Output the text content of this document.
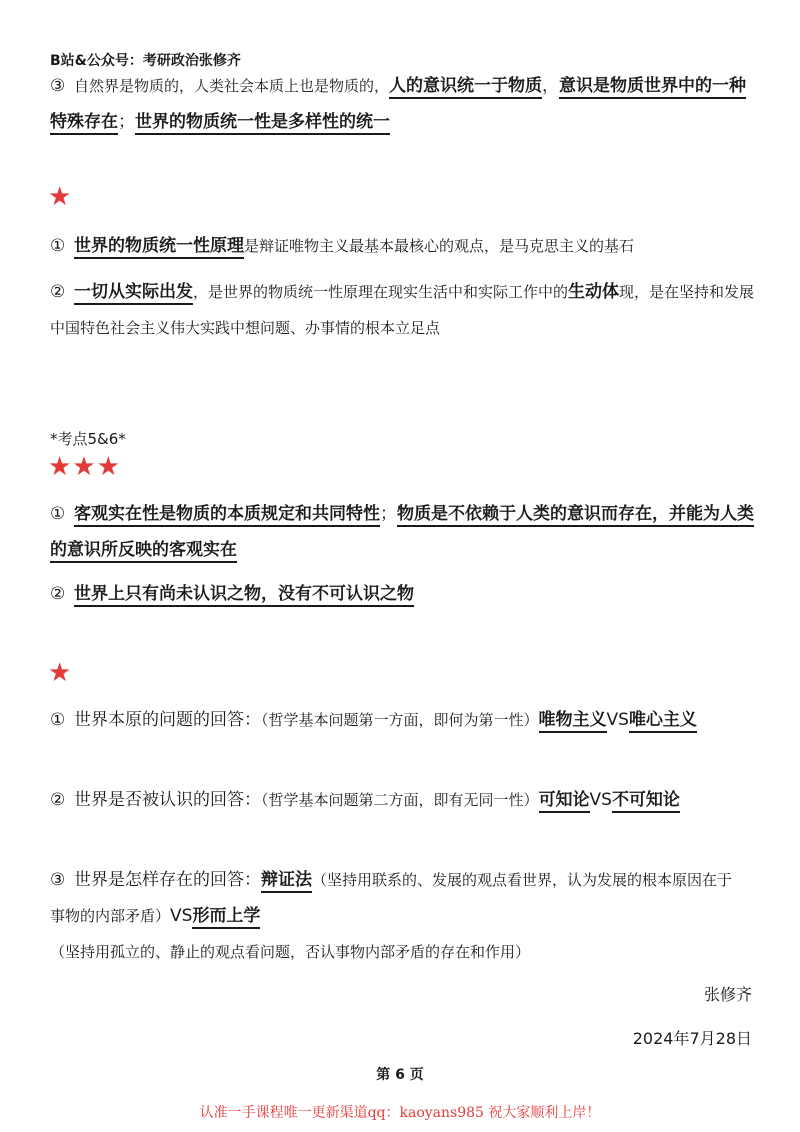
B站&公众号：考研政治张修齐
③ 自然界是物质的，人类社会本质上也是物质的，人的意识统一于物质，意识是物质世界中的一种特殊存在；世界的物质统一性是多样性的统一
★
① 世界的物质统一性原理是辩证唯物主义最基本最核心的观点，是马克思主义的基石
② 一切从实际出发，是世界的物质统一性原理在现实生活中和实际工作中的生动体现，是在坚持和发展中国特色社会主义伟大实践中想问题、办事情的根本立足点
*考点5&6*
★★★
① 客观实在性是物质的本质规定和共同特性；物质是不依赖于人类的意识而存在，并能为人类的意识所反映的客观实在
② 世界上只有尚未认识之物，没有不可认识之物
★
① 世界本原的问题的回答：（哲学基本问题第一方面，即何为第一性）唯物主义VS唯心主义
② 世界是否被认识的回答：（哲学基本问题第二方面，即有无同一性）可知论VS不可知论
③ 世界是怎样存在的回答：辩证法（坚持用联系的、发展的观点看世界，认为发展的根本原因在于事物的内部矛盾）VS形而上学（坚持用孤立的、静止的观点看问题，否认事物内部矛盾的存在和作用）
张修齐
2024年7月28日
第 6 页
认准一手课程唯一更新渠道qq：kaoyans985 祝大家顺利上岸！
